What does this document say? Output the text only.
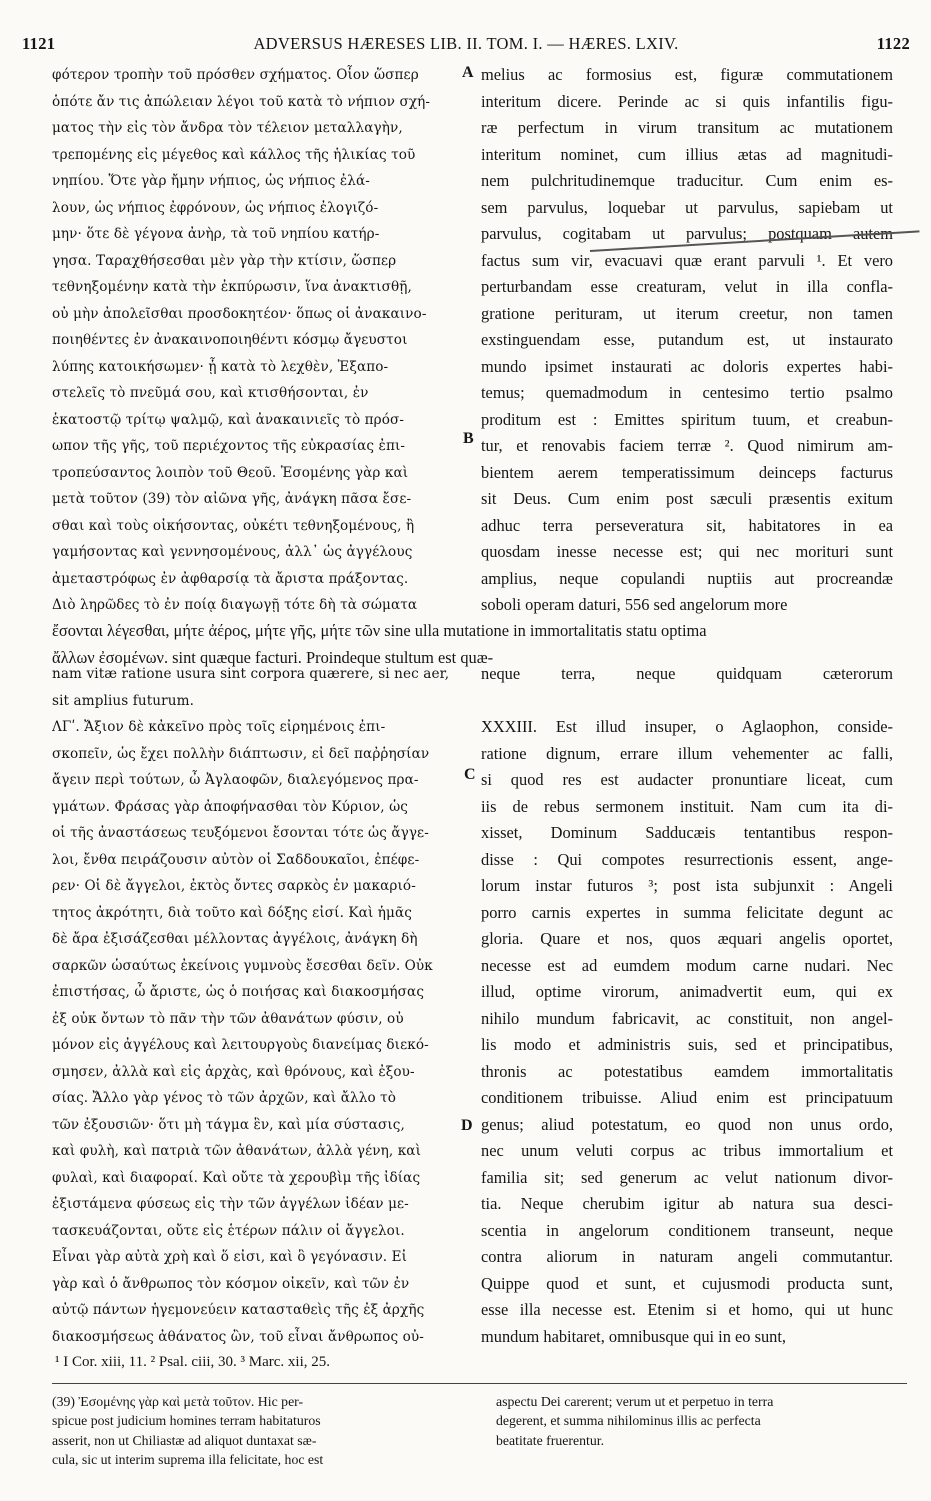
1121	ADVERSUS HÆRESES LIB. II. TOM. I. — HÆRES. LXIV.	1122
φότερον τροπὴν τοῦ πρόσθεν σχήματος. Οἷον ὥσπερ
ὁπότε ἄν τις ἀπώλειαν λέγοι τοῦ κατὰ τὸ νήπιον σχή-
ματος τὴν εἰς τὸν ἄνδρα τὸν τέλειον μεταλλαγὴν,
τρεπομένης εἰς μέγεθος καὶ κάλλος τῆς ἡλικίας τοῦ
νηπίου. Ὅτε γὰρ ἤμην νήπιος, ὡς νήπιος ἐλά-
λουν, ὡς νήπιος ἐφρόνουν, ὡς νήπιος ἐλογιζό-
μην· ὅτε δὲ γέγονα ἀνὴρ, τὰ τοῦ νηπίου κατήρ-
γησα. Ταραχθήσεσθαι μὲν γὰρ τὴν κτίσιν, ὥσπερ
τεθνηξομένην κατὰ τὴν ἐκπύρωσιν, ἵνα ἀνακτισθῇ,
οὐ μὴν ἀπολεῖσθαι προσδοκητέον· ὅπως οἱ ἀνακαινο-
ποιηθέντες ἐν ἀνακαινοποιηθέντι κόσμῳ ἄγευστοι
λύπης κατοικήσωμεν· ᾗ κατὰ τὸ λεχθὲν, Ἐξαπο-
στελεῖς τὸ πνεῦμά σου, καὶ κτισθήσονται, ἐν
ἑκατοστῷ τρίτῳ ψαλμῷ, καὶ ἀνακαινιεῖς τὸ πρόσ-
ωπον τῆς γῆς, τοῦ περιέχοντος τῆς εὐκρασίας ἐπι-
τροπεύσαντος λοιπὸν τοῦ Θεοῦ. Ἐσομένης γὰρ καὶ
μετὰ τοῦτον (39) τὸν αἰῶνα γῆς, ἀνάγκη πᾶσα ἔσε-
σθαι καὶ τοὺς οἰκήσοντας, οὐκέτι τεθνηξομένους, ἢ
γαμήσοντας καὶ γεννησομένους, ἀλλ᾽ ὡς ἀγγέλους
ἀμεταστρόφως ἐν ἀφθαρσίᾳ τὰ ἄριστα πράξοντας.
Διὸ ληρῶδες τὸ ἐν ποίᾳ διαγωγῇ τότε δὴ τὰ σώματα
melius ac formosius est, figuræ commutationem
interitum dicere. Perinde ac si quis infantilis figu-
ræ perfectum in virum transitum ac mutationem
interitum nominet, cum illius ætas ad magnitudi-
nem pulchritudinemque traducitur. Cum enim es-
sem parvulus, loquebar ut parvulus, sapiebam ut
parvulus, cogitabam ut parvulus; postquam autem
factus sum vir, evacuavi quæ erant parvuli ¹. Et vero
perturbandam esse creaturam, velut in illa confla-
gratione perituram, ut iterum creetur, non tamen
exstinguendam esse, putandum est, ut instaurato
mundo ipsimet instaurati ac doloris expertes habi-
temus; quemadmodum in centesimo tertio psalmo
proditum est : Emittes spiritum tuum, et creabun-
tur, et renovabis faciem terræ ². Quod nimirum am-
bientem aerem temperatissimum deinceps facturus
sit Deus. Cum enim post sæculi præsentis exitum
adhuc terra perseveratura sit, habitatores in ea
quosdam inesse necesse est; qui nec morituri sunt
amplius, neque copulandi nuptiis aut procreandæ
soboli operam daturi, 556 sed angelorum more
ἔσονται λέγεσθαι, μήτε ἀέρος, μήτε γῆς, μήτε τῶν sine ulla mutatione in immortalitatis statu optima
ἄλλων ἐσομένων. sint quæque facturi. Proindeque stultum est quæ-
nam vitæ ratione usura sint corpora quærere, si nec aer,
sit amplius futurum.
ΛΓʹ. Ἄξιον δὲ κἀκεῖνο πρὸς τοῖς εἰρημένοις ἐπι-
σκοπεῖν, ὡς ἔχει πολλὴν διάπτωσιν, εἰ δεῖ παῤῥησίαν
ἄγειν περὶ τούτων, ὦ Ἀγλαοφῶν, διαλεγόμενος πρα-
γμάτων. Φράσας γὰρ ἀποφήνασθαι τὸν Κύριον, ὡς
οἱ τῆς ἀναστάσεως τευξόμενοι ἔσονται τότε ὡς ἄγγε-
λοι, ἔνθα πειράζουσιν αὐτὸν οἱ Σαδδουκαῖοι, ἐπέφε-
ρεν· Οἱ δὲ ἄγγελοι, ἐκτὸς ὄντες σαρκὸς ἐν μακαριό-
τητος ἀκρότητι, διὰ τοῦτο καὶ δόξης εἰσί. Καὶ ἡμᾶς
δὲ ἄρα ἐξισάζεσθαι μέλλοντας ἀγγέλοις, ἀνάγκη δὴ
σαρκῶν ὡσαύτως ἐκείνοις γυμνοὺς ἔσεσθαι δεῖν. Οὐκ
ἐπιστήσας, ὦ ἄριστε, ὡς ὁ ποιήσας καὶ διακοσμήσας
ἐξ οὐκ ὄντων τὸ πᾶν τὴν τῶν ἀθανάτων φύσιν, οὐ
μόνον εἰς ἀγγέλους καὶ λειτουργοὺς διανείμας διεκό-
σμησεν, ἀλλὰ καὶ εἰς ἀρχὰς, καὶ θρόνους, καὶ ἐξου-
σίας. Ἄλλο γὰρ γένος τὸ τῶν ἀρχῶν, καὶ ἄλλο τὸ
τῶν ἐξουσιῶν· ὅτι μὴ τάγμα ἓν, καὶ μία σύστασις,
καὶ φυλὴ, καὶ πατριὰ τῶν ἀθανάτων, ἀλλὰ γένη, καὶ
φυλαὶ, καὶ διαφοραί. Καὶ οὔτε τὰ χερουβὶμ τῆς ἰδίας
ἐξιστάμενα φύσεως εἰς τὴν τῶν ἀγγέλων ἰδέαν με-
τασκευάζονται, οὔτε εἰς ἑτέρων πάλιν οἱ ἄγγελοι.
Εἶναι γὰρ αὐτὰ χρὴ καὶ ὅ εἰσι, καὶ ὃ γεγόνασιν. Εἰ
γὰρ καὶ ὁ ἄνθρωπος τὸν κόσμον οἰκεῖν, καὶ τῶν ἐν
αὐτῷ πάντων ἡγεμονεύειν κατασταθεὶς τῆς ἐξ ἀρχῆς
διακοσμήσεως ἀθάνατος ὢν, τοῦ εἶναι ἄνθρωπος οὐ-
neque terra, neque quidquam cæterorum
XXXIII. Est illud insuper, o Aglaophon, conside-
ratione dignum, errare illum vehementer ac falli,
si quod res est audacter pronuntiare liceat, cum
iis de rebus sermonem instituit. Nam cum ita di-
xisset, Dominum Sadducæis tentantibus respon-
disse : Qui compotes resurrectionis essent, ange-
lorum instar futuros ³; post ista subjunxit : Angeli
porro carnis expertes in summa felicitate degunt ac
gloria. Quare et nos, quos æquari angelis oportet,
necesse est ad eumdem modum carne nudari. Nec
illud, optime virorum, animadvertit eum, qui ex
nihilo mundum fabricavit, ac constituit, non angel-
lis modo et administris suis, sed et principatibus,
thronis ac potestatibus eamdem immortalitatis
conditionem tribuisse. Aliud enim est principatuum
genus; aliud potestatum, eo quod non unus ordo,
nec unum veluti corpus ac tribus immortalium et
familia sit; sed generum ac velut nationum divor-
tia. Neque cherubim igitur ab natura sua desci-
scentia in angelorum conditionem transeunt, neque
contra aliorum in naturam angeli commutantur.
Quippe quod et sunt, et cujusmodi producta sunt,
esse illa necesse est. Etenim si et homo, qui ut hunc
mundum habitaret, omnibusque qui in eo sunt,
A
B
C
D
¹ I Cor. xiii, 11. ² Psal. ciii, 30. ³ Marc. xii, 25.
(39) Ἐσομένης γὰρ καὶ μετὰ τοῦτον. Hic per-
spicue post judicium homines terram habitaturos
asserit, non ut Chiliastæ ad aliquot duntaxat sæ-
cula, sic ut interim suprema illa felicitate, hoc est
aspectu Dei carerent; verum ut et perpetuo in terra
degerent, et summa nihilominus illis ac perfecta
beatitate fruerentur.
